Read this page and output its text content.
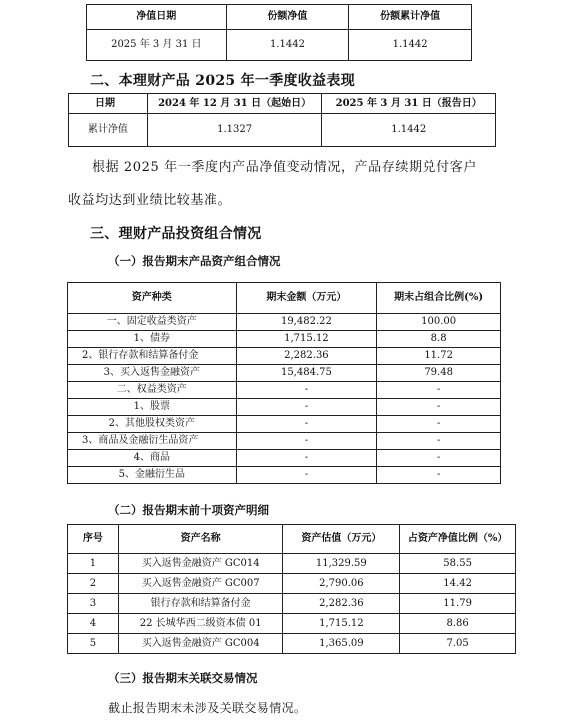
净值日期	份额净值	份额累计净值
2025 年 3 月 31 日	1.1442	1.1442
二、本理财产品 2025 年一季度收益表现
日期	2024 年 12 月 31 日（起始日）	2025 年 3 月 31 日（报告日）
累计净值	1.1327	1.1442
根据 2025 年一季度内产品净值变动情况，产品存续期兑付客户
收益均达到业绩比较基准。
三、理财产品投资组合情况
（一）报告期末产品资产组合情况
资产种类	期末金额（万元）	期末占组合比例(%)
一、固定收益类资产	19,482.22	100.00
1、债券	1,715.12	8.8
2、银行存款和结算备付金	2,282.36	11.72
3、买入返售金融资产	15,484.75	79.48
二、权益类资产	-	-
1、股票	-	-
2、其他股权类资产	-	-
3、商品及金融衍生品资产	-	-
4、商品	-	-
5、金融衍生品	-	-
（二）报告期末前十项资产明细
序号	资产名称	资产估值（万元）	占资产净值比例（%）
1	买入返售金融资产 GC014	11,329.59	58.55
2	买入返售金融资产 GC007	2,790.06	14.42
3	银行存款和结算备付金	2,282.36	11.79
4	22 长城华西二级资本债 01	1,715.12	8.86
5	买入返售金融资产 GC004	1,365.09	7.05
（三）报告期末关联交易情况
截止报告期末未涉及关联交易情况。
